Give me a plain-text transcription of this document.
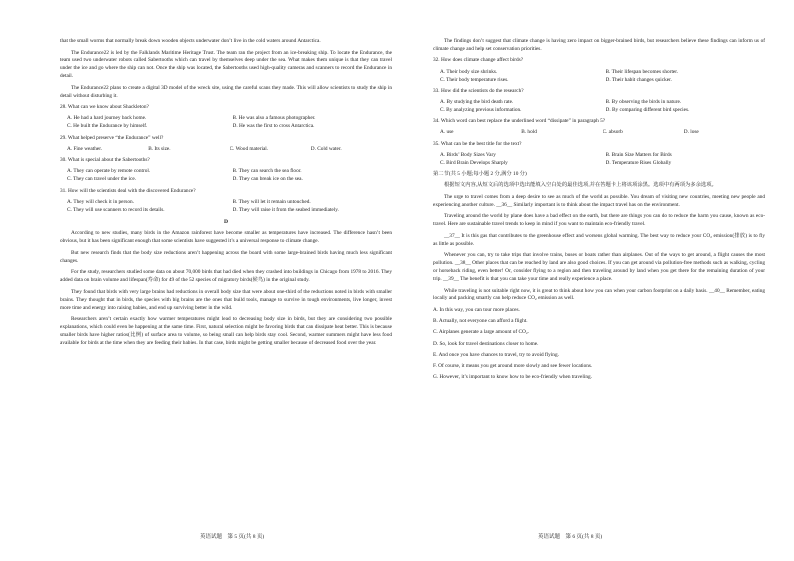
that the small worms that normally break down wooden objects underwater don’t live in the cold waters around Antarctica.

The Endurance22 is led by the Falklands Maritime Heritage Trust. The team ran the project from an ice-breaking ship. To locate the Endurance, the team used two underwater robots called Sabertooths which can travel by themselves deep under the sea. What makes them unique is that they can travel under the ice and go where the ship can not. Once the ship was located, the Sabertooths used high-quality cameras and scanners to record the Endurance in detail.

The Endurance22 plans to create a digital 3D model of the wreck site, using the careful scans they made. This will allow scientists to study the ship in detail without disturbing it.

28. What can we know about Shackleton?

A. He had a hard journey back home.	B. He was also a famous photographer.
C. He built the Endurance by himself.	D. He was the first to cross Antarctica.

29. What helped preserve “the Endurance” well?

A. Fine weather.	B. Its size.	C. Wood material.	D. Cold water.

30. What is special about the Sabertooths?

A. They can operate by remote control.	B. They can search the sea floor.
C. They can travel under the ice.	D. They can break ice on the sea.

31. How will the scientists deal with the discovered Endurance?

A. They will check it in person.	B. They will let it remain untouched.
C. They will use scanners to record its details.	D. They will raise it from the seabed immediately.
D

According to new studies, many birds in the Amazon rainforest have become smaller as temperatures have increased. The difference hasn’t been obvious, but it has been significant enough that some scientists have suggested it’s a universal response to climate change.

But new research finds that the body size reductions aren’t happening across the board with some large-brained birds having much less significant changes.

For the study, researchers studied some data on about 70,000 birds that had died when they crashed into buildings in Chicago from 1978 to 2016. They added data on brain volume and lifespan(寿命) for 49 of the 52 species of migratory birds(候鸟) in the original study.

They found that birds with very large brains had reductions in overall body size that were about one-third of the reductions noted in birds with smaller brains. They thought that in birds, the species with big brains are the ones that build tools, manage to survive in tough environments, live longer, invest more time and energy into raising babies, and end up surviving better in the wild.

Researchers aren’t certain exactly how warmer temperatures might lead to decreasing body size in birds, but they are considering two possible explanations, which could even be happening at the same time. First, natural selection might be favoring birds that can dissipate heat better. This is because smaller birds have higher ratios(比例) of surface area to volume, so being small can help birds stay cool. Second, warmer summers might have less food available for birds at the time when they are feeding their babies. In that case, birds might be getting smaller because of decreased food over the year.

The findings don’t suggest that climate change is having zero impact on bigger-brained birds, but researchers believe these findings can inform us of climate change and help set conservation priorities.

32. How does climate change affect birds?

A. Their body size shrinks.	B. Their lifespan becomes shorter.
C. Their body temperature rises.	D. Their habit changes quicker.

33. How did the scientists do the research?

A. By studying the bird death rate.	B. By observing the birds in nature.
C. By analyzing previous information.	D. By comparing different bird species.

34. Which word can best replace the underlined word “dissipate” in paragraph 5?

A. use	B. hold	C. absorb	D. lose

35. What can be the best title for the text?

A. Birds’ Body Sizes Vary	B. Brain Size Matters for Birds
C. Bird Brain Develops Sharply	D. Temperature Rises Globally

第二节(共 5 小题;每小题 2 分,满分 10 分)

根据短文内容,从短文后的选项中选出能填入空白处的最佳选项,并在答题卡上将该项涂黑。选项中有两项为多余选项。

The urge to travel comes from a deep desire to see as much of the world as possible. You dream of visiting new countries, meeting new people and experiencing another culture. __36__ Similarly important is to think about the impact travel has on the environment.

Traveling around the world by plane does have a bad effect on the earth, but there are things you can do to reduce the harm you cause, known as eco-travel. Here are sustainable travel trends to keep in mind if you want to maintain eco-friendly travel.

__37__ It is this gas that contributes to the greenhouse effect and worsens global warming. The best way to reduce your CO₂ emission(排放) is to fly as little as possible.

Whenever you can, try to take trips that involve trains, buses or boats rather than airplanes. Out of the ways to get around, a flight causes the most pollution. __38__ Other places that can be reached by land are also good choices. If you can get around via pollution-free methods such as walking, cycling or horseback riding, even better! Or, consider flying to a region and then traveling around by land when you get there for the remaining duration of your trip. __39__ The benefit is that you can take your time and really experience a place.

While traveling is not suitable right now, it is great to think about how you can when your carbon footprint on a daily basis. __40__ Remember, eating locally and packing smartly can help reduce CO₂ emission as well.

A. In this way, you can tour more places.

B. Actually, not everyone can afford a flight.

C. Airplanes generate a large amount of CO₂.

D. So, look for travel destinations closer to home.

E. And once you have chances to travel, try to avoid flying.

F. Of course, it means you get around more slowly and see fewer locations.

G. However, it’s important to know how to be eco-friendly when traveling.

英语试题　第 5 页(共 8 页)	英语试题　第 6 页(共 8 页)
